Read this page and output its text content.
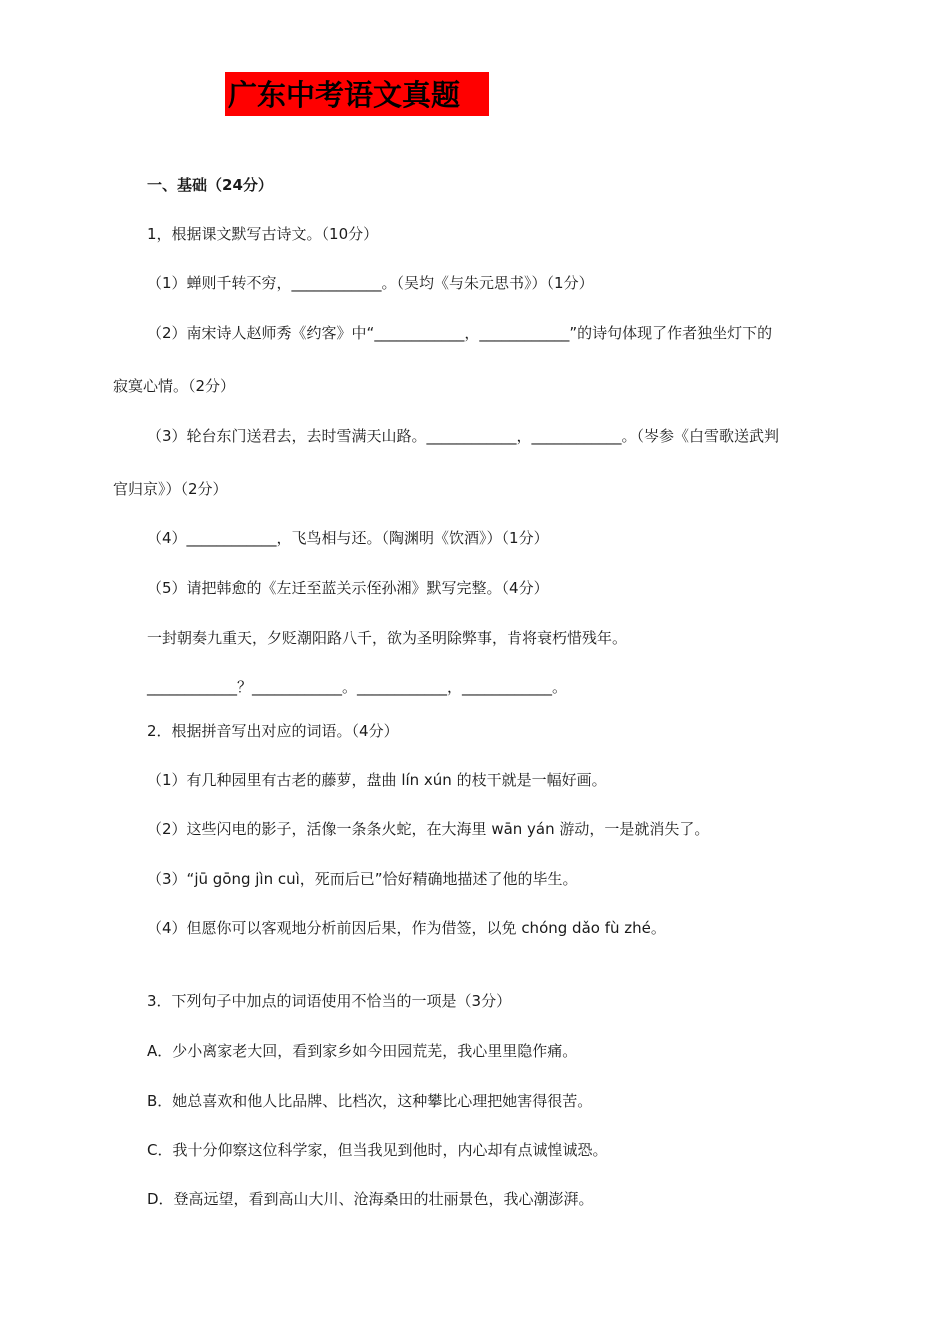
广东中考语文真题
一、基础（24分）
1，根据课文默写古诗文。（10分）
（1）蝉则千转不穷，____________。（吴均《与朱元思书》）（1分）
（2）南宋诗人赵师秀《约客》中“____________，____________”的诗句体现了作者独坐灯下的
寂寞心情。（2分）
（3）轮台东门送君去，去时雪满天山路。____________，____________。（岑参《白雪歌送武判
官归京》）（2分）
（4）____________，飞鸟相与还。（陶渊明《饮酒》）（1分）
（5）请把韩愈的《左迁至蓝关示侄孙湘》默写完整。（4分）
一封朝奏九重天，夕贬潮阳路八千，欲为圣明除弊事，肯将衰朽惜残年。
____________？____________。____________，____________。
2．根据拼音写出对应的词语。（4分）
（1）有几种园里有古老的藤萝，盘曲 lín xún 的枝干就是一幅好画。
（2）这些闪电的影子，活像一条条火蛇，在大海里 wān yán 游动，一是就消失了。
（3）“jū gōng jìn cuì，死而后已”恰好精确地描述了他的毕生。
（4）但愿你可以客观地分析前因后果，作为借签，以免 chóng dǎo fù zhé。
3．下列句子中加点的词语使用不恰当的一项是（3分）
A．少小离家老大回，看到家乡如今田园荒芜，我心里里隐作痛。
B．她总喜欢和他人比品牌、比档次，这种攀比心理把她害得很苦。
C．我十分仰察这位科学家，但当我见到他时，内心却有点诚惶诚恐。
D．登高远望，看到高山大川、沧海桑田的壮丽景色，我心潮澎湃。
